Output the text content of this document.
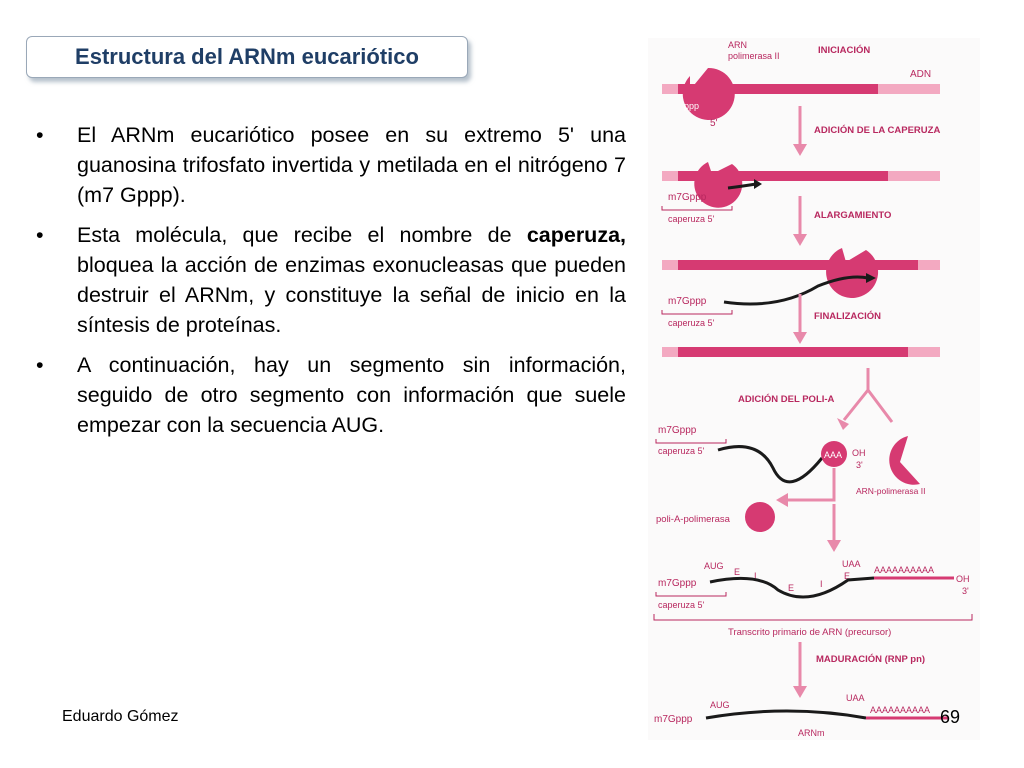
Estructura del ARNm eucariótico
• El ARNm eucariótico posee en su extremo 5' una guanosina trifosfato invertida y metilada en el nitrógeno 7 (m7 Gppp).
• Esta molécula, que recibe el nombre de caperuza, bloquea la acción de enzimas exonucleasas que pueden destruir el ARNm, y constituye la señal de inicio en la síntesis de proteínas.
• A continuación, hay un segmento sin información, seguido de otro segmento con información que suele empezar con la secuencia AUG.
ARN
polimerasa II	INICIACIÓN
ADN
ppp
5'
ADICIÓN DE LA CAPERUZA
m7Gppp
caperuza 5'	ALARGAMIENTO
m7Gppp
caperuza 5'
FINALIZACIÓN
ADICIÓN DEL POLI-A
m7Gppp
caperuza 5'	AAA OH
3'
ARN-polimerasa II
poli-A-polimerasa
AUG
E I
E	I
UAA
E
AAAAAAAAAA
OH
3'
m7Gppp
caperuza 5'
Transcrito primario de ARN (precursor)
MADURACIÓN (RNP pn)
AUG
UAA
AAAAAAAAAA
m7Gppp
ARNm
Eduardo Gómez	69
